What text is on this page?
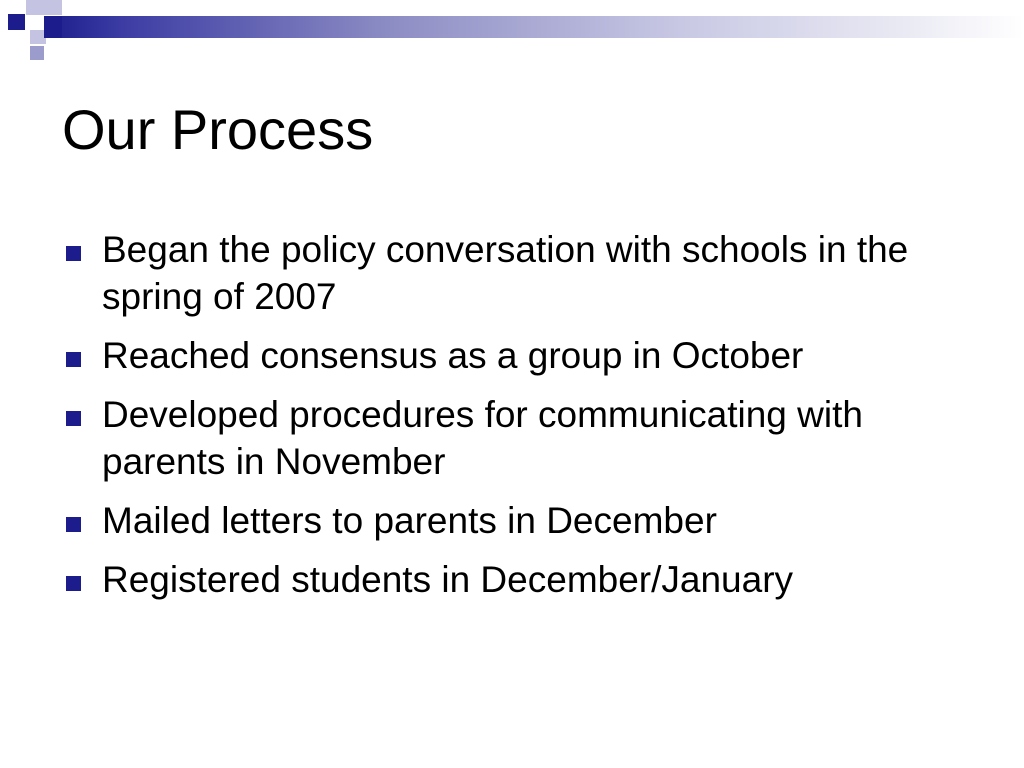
Our Process
Began the policy conversation with schools in the spring of 2007
Reached consensus as a group in October
Developed procedures for communicating with parents in November
Mailed letters to parents in December
Registered students in December/January
